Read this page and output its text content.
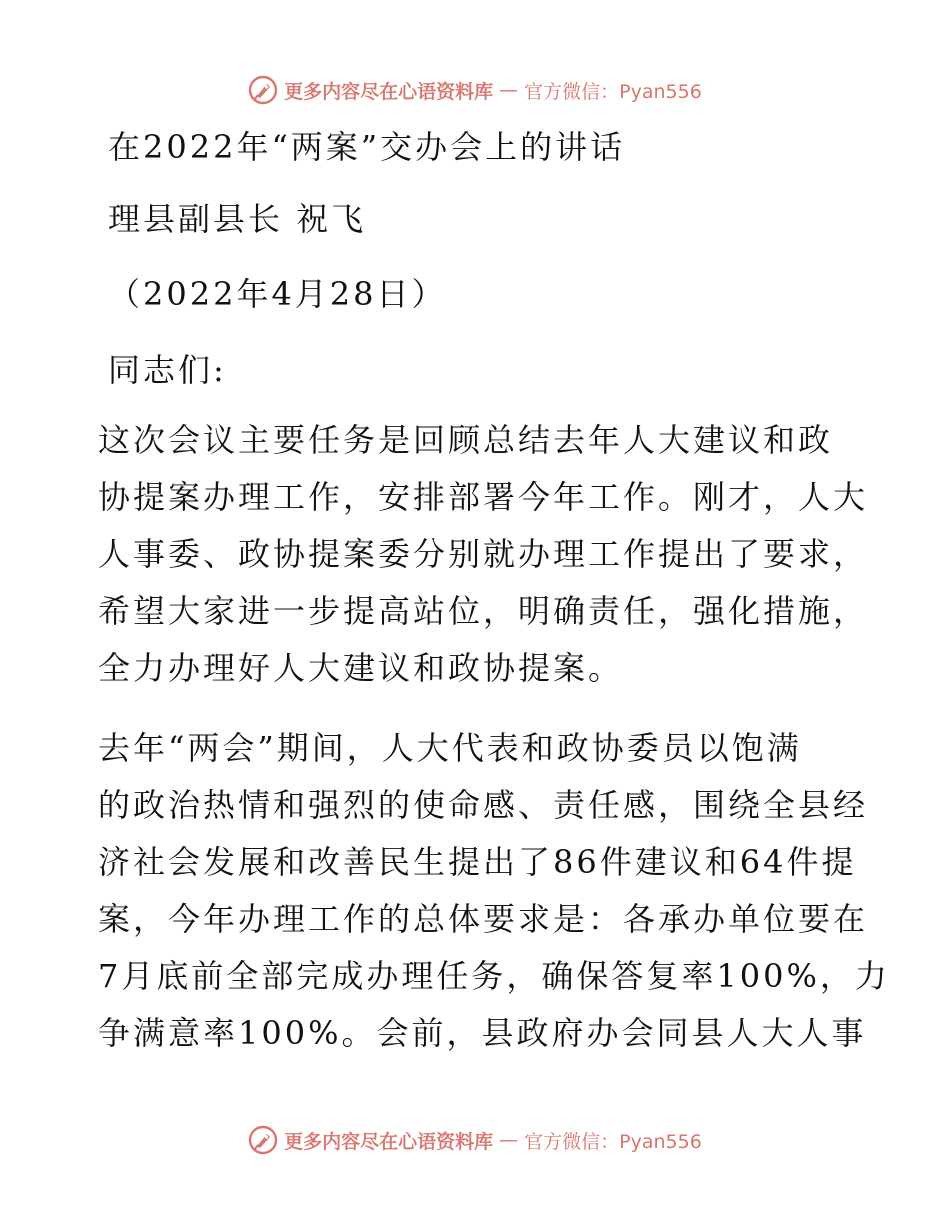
更多内容尽在心语资料库 — 官方微信：Pyan556
在2022年“两案”交办会上的讲话
理县副县长 祝飞
（2022年4月28日）
同志们:
这次会议主要任务是回顾总结去年人大建议和政
协提案办理工作，安排部署今年工作。刚才，人大
人事委、政协提案委分别就办理工作提出了要求，
希望大家进一步提高站位，明确责任，强化措施，
全力办理好人大建议和政协提案。
去年“两会”期间，人大代表和政协委员以饱满
的政治热情和强烈的使命感、责任感，围绕全县经
济社会发展和改善民生提出了86件建议和64件提
案，今年办理工作的总体要求是：各承办单位要在
7月底前全部完成办理任务，确保答复率100%，力
争满意率100%。会前，县政府办会同县人大人事
更多内容尽在心语资料库 — 官方微信：Pyan556
